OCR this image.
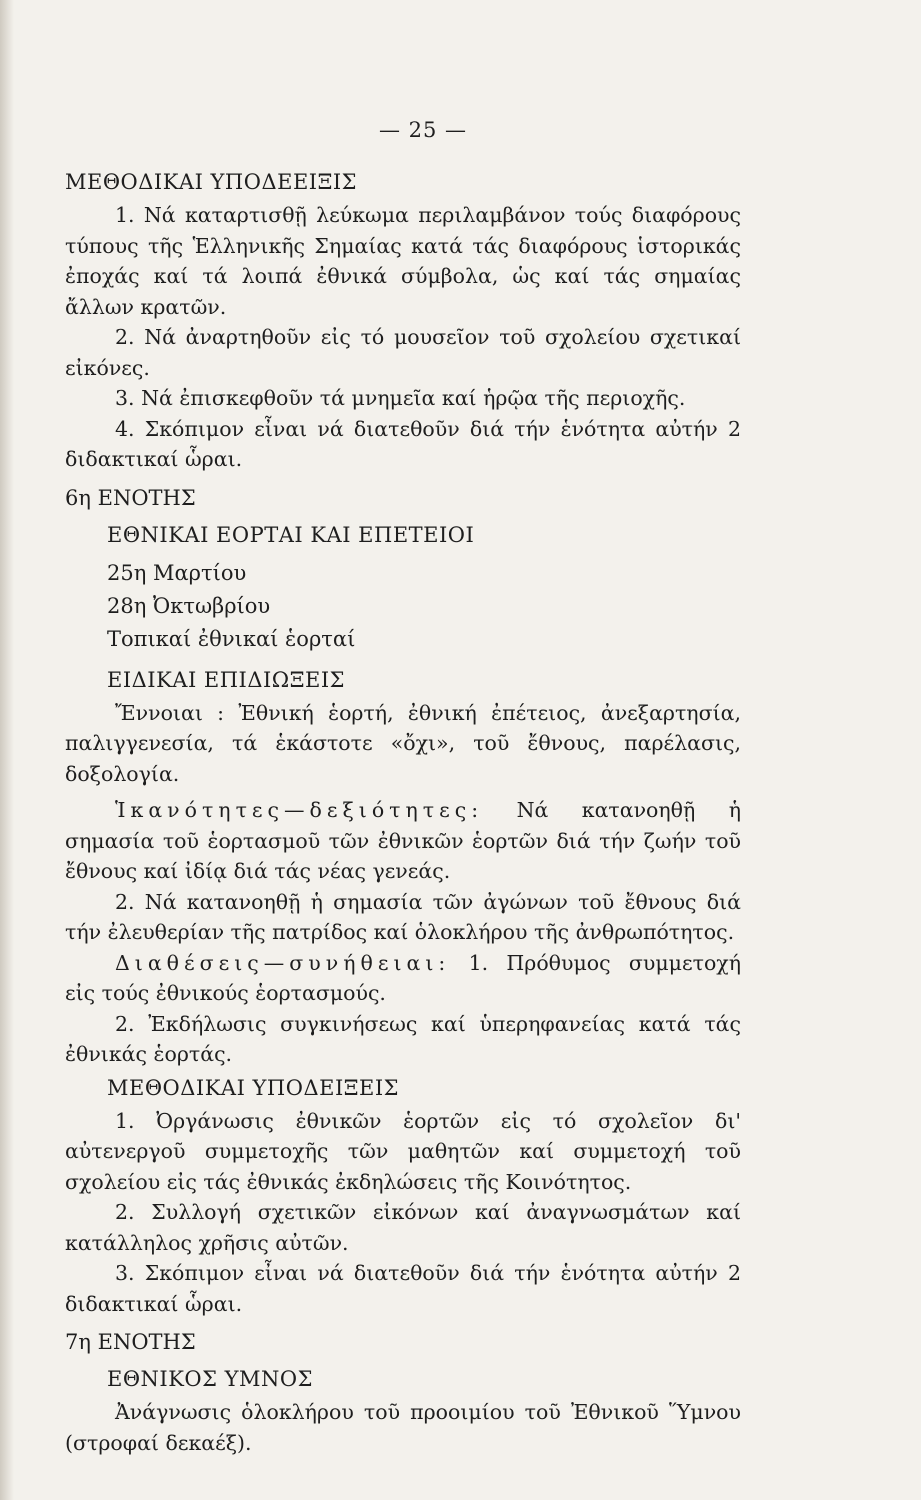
— 25 —
ΜΕΘΟΔΙΚΑΙ ΥΠΟΔΕΕΙΞΙΣ

1. Νά καταρτισθῇ λεύκωμα περιλαμβάνον τούς διαφόρους τύπους τῆς Ἑλληνικῆς Σημαίας κατά τάς διαφόρους ἱστορικάς ἐποχάς καί τά λοιπά ἐθνικά σύμβολα, ὡς καί τάς σημαίας ἄλλων κρατῶν.

2. Νά ἀναρτηθοῦν εἰς τό μουσεῖον τοῦ σχολείου σχετικαί εἰκόνες.

3. Νά ἐπισκεφθοῦν τά μνημεῖα καί ἡρῷα τῆς περιοχῆς.

4. Σκόπιμον εἶναι νά διατεθοῦν διά τήν ἑνότητα αὐτήν 2 διδακτικαί ὧραι.

6η ΕΝΟΤΗΣ
ΕΘΝΙΚΑΙ ΕΟΡΤΑΙ ΚΑΙ ΕΠΕΤΕΙΟΙ
25η Μαρτίου
28η Ὀκτωβρίου
Τοπικαί ἐθνικαί ἑορταί
ΕΙΔΙΚΑΙ ΕΠΙΔΙΩΞΕΙΣ

Ἔννοιαι : Ἐθνική ἑορτή, ἐθνική ἐπέτειος, ἀνεξαρτησία, παλιγγενεσία, τά ἑκάστοτε «ὄχι», τοῦ ἔθνους, παρέλασις, δοξολογία.

Ἱκανότητες—δεξιότητες: Νά κατανοηθῇ ἡ σημασία τοῦ ἑορτασμοῦ τῶν ἐθνικῶν ἑορτῶν διά τήν ζωήν τοῦ ἔθνους καί ἰδίᾳ διά τάς νέας γενεάς.

2. Νά κατανοηθῇ ἡ σημασία τῶν ἀγώνων τοῦ ἔθνους διά τήν ἐλευθερίαν τῆς πατρίδος καί ὁλοκλήρου τῆς ἀνθρωπότητος.

Διαθέσεις—συνήθειαι: 1. Πρόθυμος συμμετοχή εἰς τούς ἐθνικούς ἑορτασμούς.

2. Ἐκδήλωσις συγκινήσεως καί ὑπερηφανείας κατά τάς ἐθνικάς ἑορτάς.

ΜΕΘΟΔΙΚΑΙ ΥΠΟΔΕΙΞΕΙΣ

1. Ὀργάνωσις ἐθνικῶν ἑορτῶν εἰς τό σχολεῖον δι' αὐτενεργοῦ συμμετοχῆς τῶν μαθητῶν καί συμμετοχή τοῦ σχολείου εἰς τάς ἐθνικάς ἐκδηλώσεις τῆς Κοινότητος.

2. Συλλογή σχετικῶν εἰκόνων καί ἀναγνωσμάτων καί κατάλληλος χρῆσις αὐτῶν.

3. Σκόπιμον εἶναι νά διατεθοῦν διά τήν ἑνότητα αὐτήν 2 διδακτικαί ὧραι.

7η ΕΝΟΤΗΣ
ΕΘΝΙΚΟΣ ΥΜΝΟΣ

Ἀνάγνωσις ὁλοκλήρου τοῦ προοιμίου τοῦ Ἐθνικοῦ Ὕμνου (στροφαί δεκαέξ).
